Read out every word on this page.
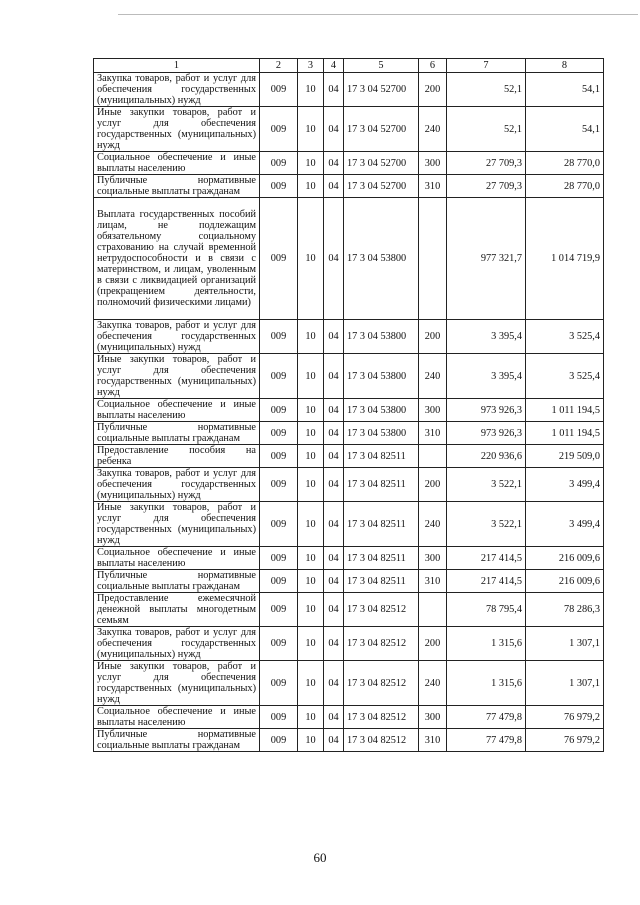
1	2	3	4	5	6	7	8
Закупка товаров, работ и услуг для обеспечения государственных (муниципальных) нужд	009	10	04	17 3 04 52700	200	52,1	54,1
Иные закупки товаров, работ и услуг для обеспечения государственных (муниципальных) нужд	009	10	04	17 3 04 52700	240	52,1	54,1
Социальное обеспечение и иные выплаты населению	009	10	04	17 3 04 52700	300	27 709,3	28 770,0
Публичные нормативные социальные выплаты гражданам	009	10	04	17 3 04 52700	310	27 709,3	28 770,0
Выплата государственных пособий лицам, не подлежащим обязательному социальному страхованию на случай временной нетрудоспособности и в связи с материнством, и лицам, уволенным в связи с ликвидацией организаций (прекращением деятельности, полномочий физическими лицами)	009	10	04	17 3 04 53800		977 321,7	1 014 719,9
Закупка товаров, работ и услуг для обеспечения государственных (муниципальных) нужд	009	10	04	17 3 04 53800	200	3 395,4	3 525,4
Иные закупки товаров, работ и услуг для обеспечения государственных (муниципальных) нужд	009	10	04	17 3 04 53800	240	3 395,4	3 525,4
Социальное обеспечение и иные выплаты населению	009	10	04	17 3 04 53800	300	973 926,3	1 011 194,5
Публичные нормативные социальные выплаты гражданам	009	10	04	17 3 04 53800	310	973 926,3	1 011 194,5
Предоставление пособия на ребенка	009	10	04	17 3 04 82511		220 936,6	219 509,0
Закупка товаров, работ и услуг для обеспечения государственных (муниципальных) нужд	009	10	04	17 3 04 82511	200	3 522,1	3 499,4
Иные закупки товаров, работ и услуг для обеспечения государственных (муниципальных) нужд	009	10	04	17 3 04 82511	240	3 522,1	3 499,4
Социальное обеспечение и иные выплаты населению	009	10	04	17 3 04 82511	300	217 414,5	216 009,6
Публичные нормативные социальные выплаты гражданам	009	10	04	17 3 04 82511	310	217 414,5	216 009,6
Предоставление ежемесячной денежной выплаты многодетным семьям	009	10	04	17 3 04 82512		78 795,4	78 286,3
Закупка товаров, работ и услуг для обеспечения государственных (муниципальных) нужд	009	10	04	17 3 04 82512	200	1 315,6	1 307,1
Иные закупки товаров, работ и услуг для обеспечения государственных (муниципальных) нужд	009	10	04	17 3 04 82512	240	1 315,6	1 307,1
Социальное обеспечение и иные выплаты населению	009	10	04	17 3 04 82512	300	77 479,8	76 979,2
Публичные нормативные социальные выплаты гражданам	009	10	04	17 3 04 82512	310	77 479,8	76 979,2
60
